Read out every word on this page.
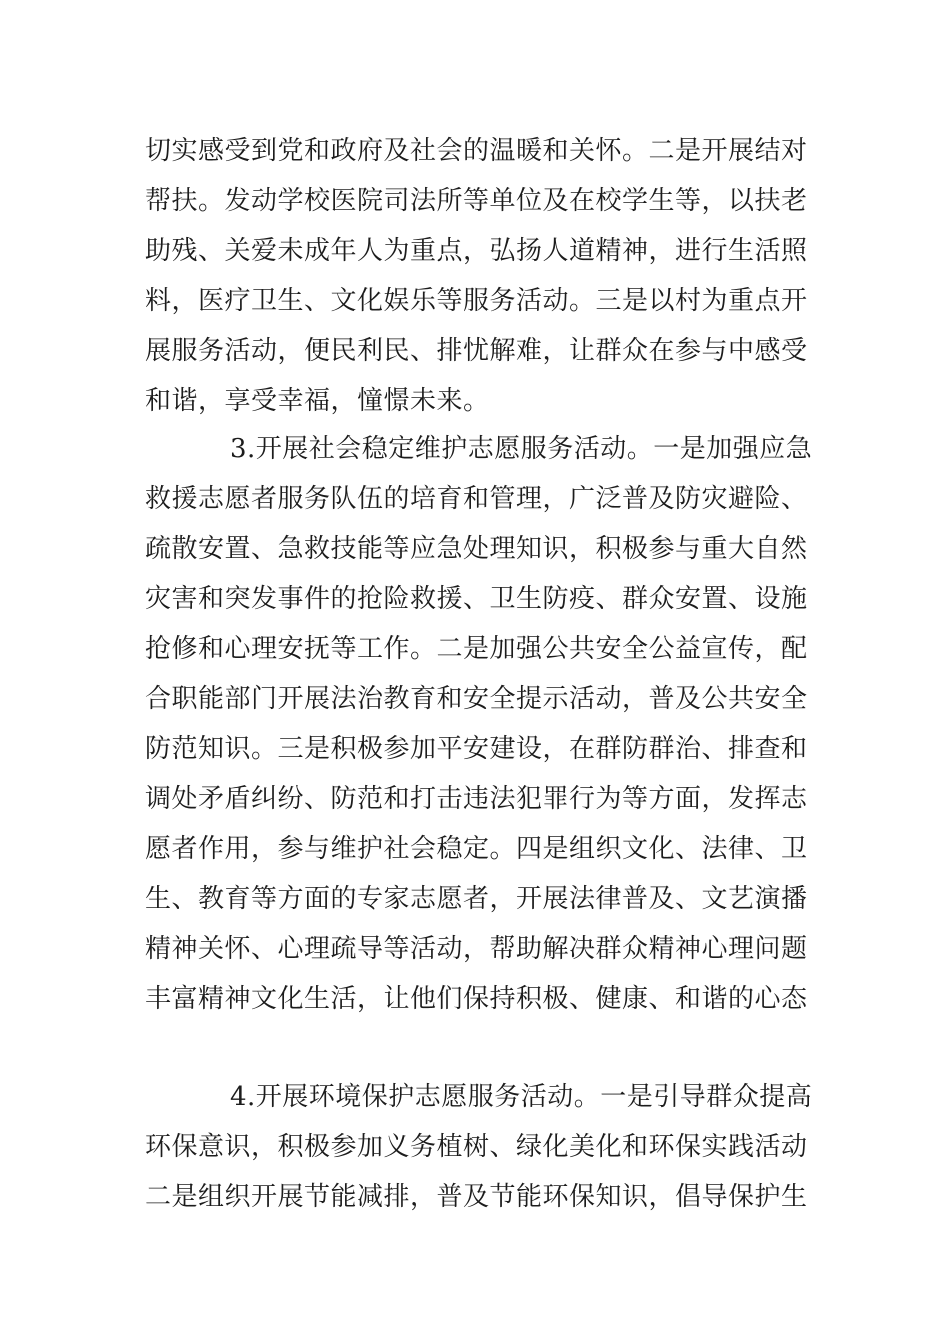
切实感受到党和政府及社会的温暖和关怀。二是开展结对
帮扶。发动学校医院司法所等单位及在校学生等，以扶老
助残、关爱未成年人为重点，弘扬人道精神，进行生活照
料，医疗卫生、文化娱乐等服务活动。三是以村为重点开
展服务活动，便民利民、排忧解难，让群众在参与中感受
和谐，享受幸福，憧憬未来。
3.开展社会稳定维护志愿服务活动。一是加强应急
救援志愿者服务队伍的培育和管理，广泛普及防灾避险、
疏散安置、急救技能等应急处理知识，积极参与重大自然
灾害和突发事件的抢险救援、卫生防疫、群众安置、设施
抢修和心理安抚等工作。二是加强公共安全公益宣传，配
合职能部门开展法治教育和安全提示活动，普及公共安全
防范知识。三是积极参加平安建设，在群防群治、排查和
调处矛盾纠纷、防范和打击违法犯罪行为等方面，发挥志
愿者作用，参与维护社会稳定。四是组织文化、法律、卫
生、教育等方面的专家志愿者，开展法律普及、文艺演播
精神关怀、心理疏导等活动，帮助解决群众精神心理问题
丰富精神文化生活，让他们保持积极、健康、和谐的心态
4.开展环境保护志愿服务活动。一是引导群众提高
环保意识，积极参加义务植树、绿化美化和环保实践活动
二是组织开展节能减排，普及节能环保知识，倡导保护生
